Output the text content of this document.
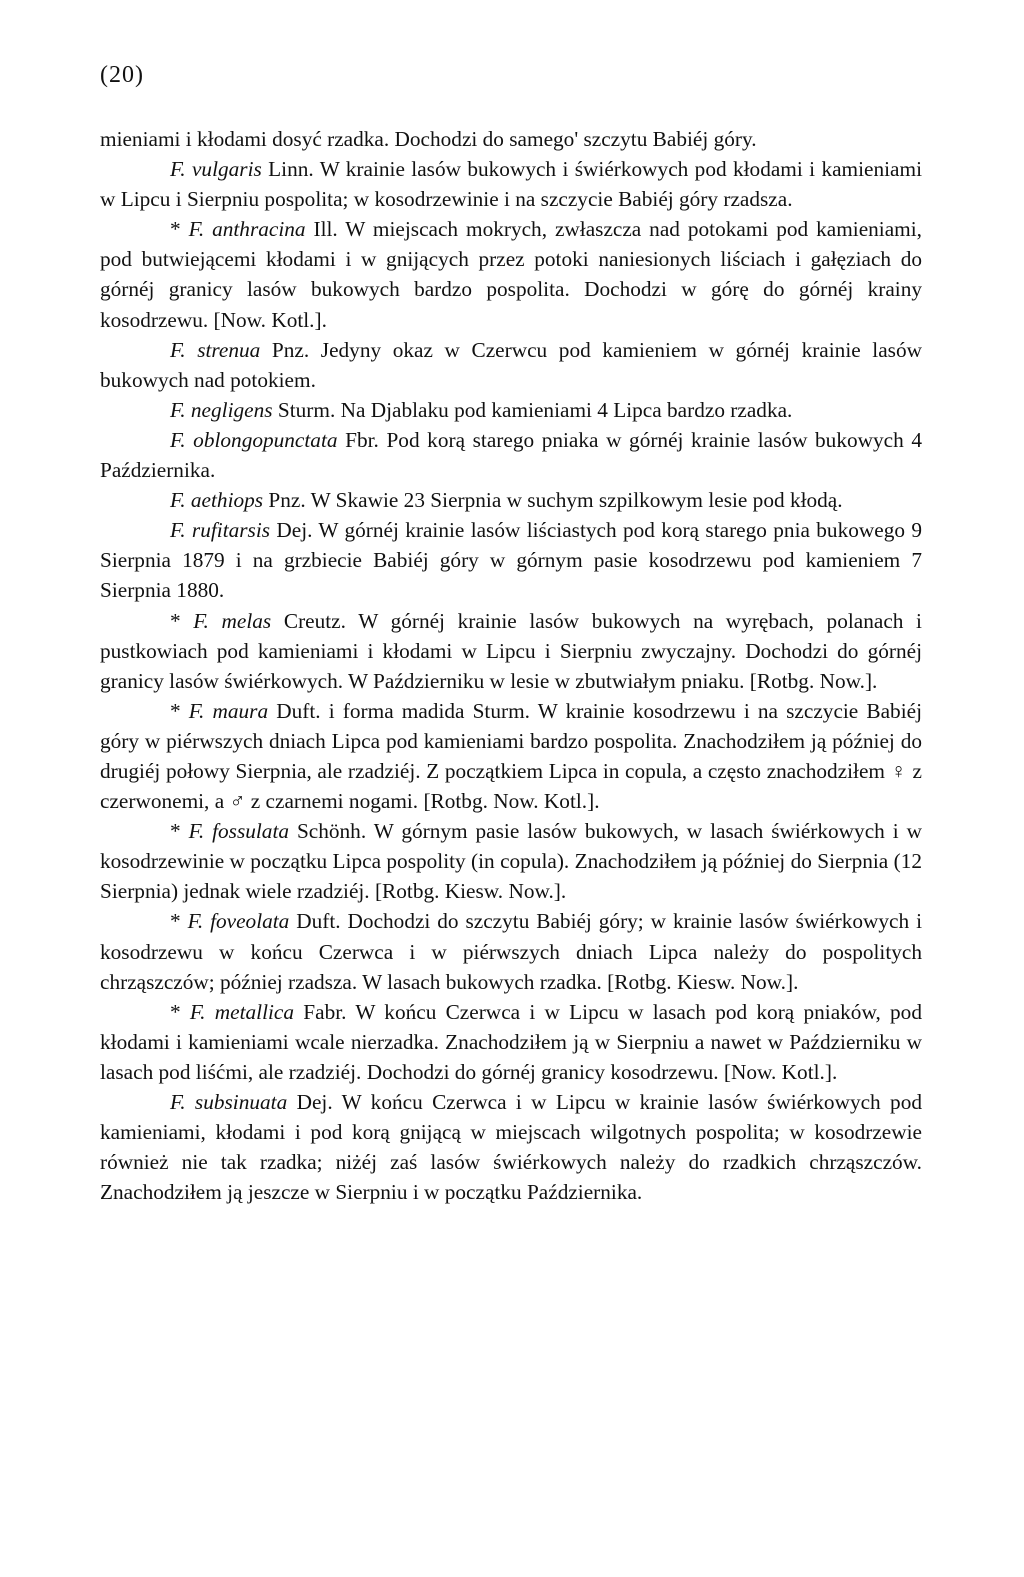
(20)

mieniami i kłodami dosyć rzadka. Dochodzi do samego' szczytu Babiéj góry.

F. vulgaris Linn. W krainie lasów bukowych i świérkowych pod kłodami i kamieniami w Lipcu i Sierpniu pospolita; w kosodrzewinie i na szczycie Babiéj góry rzadsza.

* F. anthracina Ill. W miejscach mokrych, zwłaszcza nad potokami pod kamieniami, pod butwiejącemi kłodami i w gnijących przez potoki naniesionych liściach i gałęziach do górnéj granicy lasów bukowych bardzo pospolita. Dochodzi w górę do górnéj krainy kosodrzewu. [Now. Kotl.].

F. strenua Pnz. Jedyny okaz w Czerwcu pod kamieniem w górnéj krainie lasów bukowych nad potokiem.

F. negligens Sturm. Na Djablaku pod kamieniami 4 Lipca bardzo rzadka.

F. oblongopunctata Fbr. Pod korą starego pniaka w górnéj krainie lasów bukowych 4 Października.

F. aethiops Pnz. W Skawie 23 Sierpnia w suchym szpilkowym lesie pod kłodą.

F. rufitarsis Dej. W górnéj krainie lasów liściastych pod korą starego pnia bukowego 9 Sierpnia 1879 i na grzbiecie Babiéj góry w górnym pasie kosodrzewu pod kamieniem 7 Sierpnia 1880.

* F. melas Creutz. W górnéj krainie lasów bukowych na wyrębach, polanach i pustkowiach pod kamieniami i kłodami w Lipcu i Sierpniu zwyczajny. Dochodzi do górnéj granicy lasów świérkowych. W Październiku w lesie w zbutwiałym pniaku. [Rotbg. Now.].

* F. maura Duft. i forma madida Sturm. W krainie kosodrzewu i na szczycie Babiéj góry w piérwszych dniach Lipca pod kamieniami bardzo pospolita. Znachodziłem ją później do drugiéj połowy Sierpnia, ale rzadziéj. Z początkiem Lipca in copula, a często znachodziłem ♀ z czerwonemi, a ♂ z czarnemi nogami. [Rotbg. Now. Kotl.].

* F. fossulata Schönh. W górnym pasie lasów bukowych, w lasach świérkowych i w kosodrzewinie w początku Lipca pospolity (in copula). Znachodziłem ją później do Sierpnia (12 Sierpnia) jednak wiele rzadziéj. [Rotbg. Kiesw. Now.].

* F. foveolata Duft. Dochodzi do szczytu Babiéj góry; w krainie lasów świérkowych i kosodrzewu w końcu Czerwca i w piérwszych dniach Lipca należy do pospolitych chrząszczów; później rzadsza. W lasach bukowych rzadka. [Rotbg. Kiesw. Now.].

* F. metallica Fabr. W końcu Czerwca i w Lipcu w lasach pod korą pniaków, pod kłodami i kamieniami wcale nierzadka. Znachodziłem ją w Sierpniu a nawet w Październiku w lasach pod liśćmi, ale rzadziéj. Dochodzi do górnéj granicy kosodrzewu. [Now. Kotl.].

F. subsinuata Dej. W końcu Czerwca i w Lipcu w krainie lasów świérkowych pod kamieniami, kłodami i pod korą gnijącą w miejscach wilgotnych pospolita; w kosodrzewie również nie tak rzadka; niżéj zaś lasów świérkowych należy do rzadkich chrząszczów. Znachodziłem ją jeszcze w Sierpniu i w początku Października.
